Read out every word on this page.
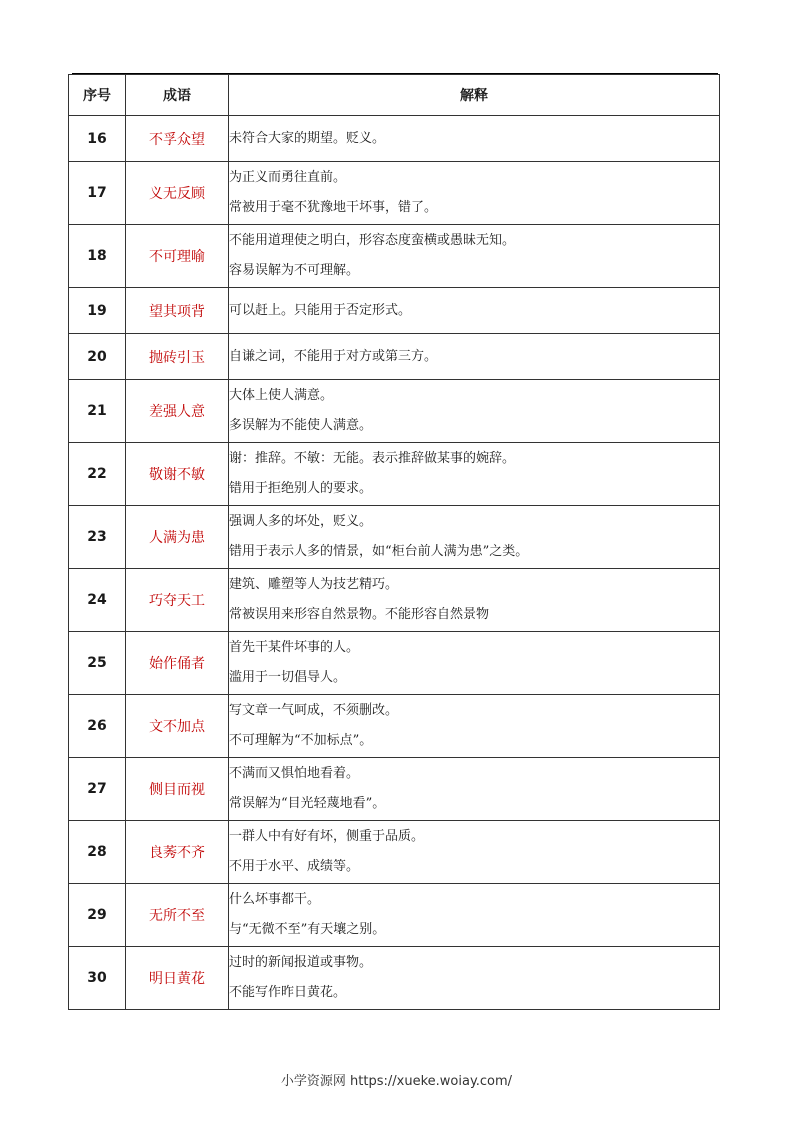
序号	成语	解释
16	不孚众望	未符合大家的期望。贬义。

17	义无反顾	为正义而勇往直前。
常被用于毫不犹豫地干坏事，错了。

18	不可理喻	不能用道理使之明白，形容态度蛮横或愚昧无知。
容易误解为不可理解。

19	望其项背	可以赶上。只能用于否定形式。

20	抛砖引玉	自谦之词，不能用于对方或第三方。

21	差强人意	大体上使人满意。
多误解为不能使人满意。

22	敬谢不敏	谢：推辞。不敏：无能。表示推辞做某事的婉辞。
错用于拒绝别人的要求。

23	人满为患	强调人多的坏处，贬义。
错用于表示人多的情景，如“柜台前人满为患”之类。

24	巧夺天工	建筑、雕塑等人为技艺精巧。
常被误用来形容自然景物。不能形容自然景物

25	始作俑者	首先干某件坏事的人。
滥用于一切倡导人。

26	文不加点	写文章一气呵成，不须删改。
不可理解为“不加标点”。

27	侧目而视	不满而又惧怕地看着。
常误解为“目光轻蔑地看”。

28	良莠不齐	一群人中有好有坏，侧重于品质。
不用于水平、成绩等。

29	无所不至	什么坏事都干。
与“无微不至”有天壤之别。

30	明日黄花	过时的新闻报道或事物。
不能写作昨日黄花。
小学资源网 https://xueke.woiay.com/
